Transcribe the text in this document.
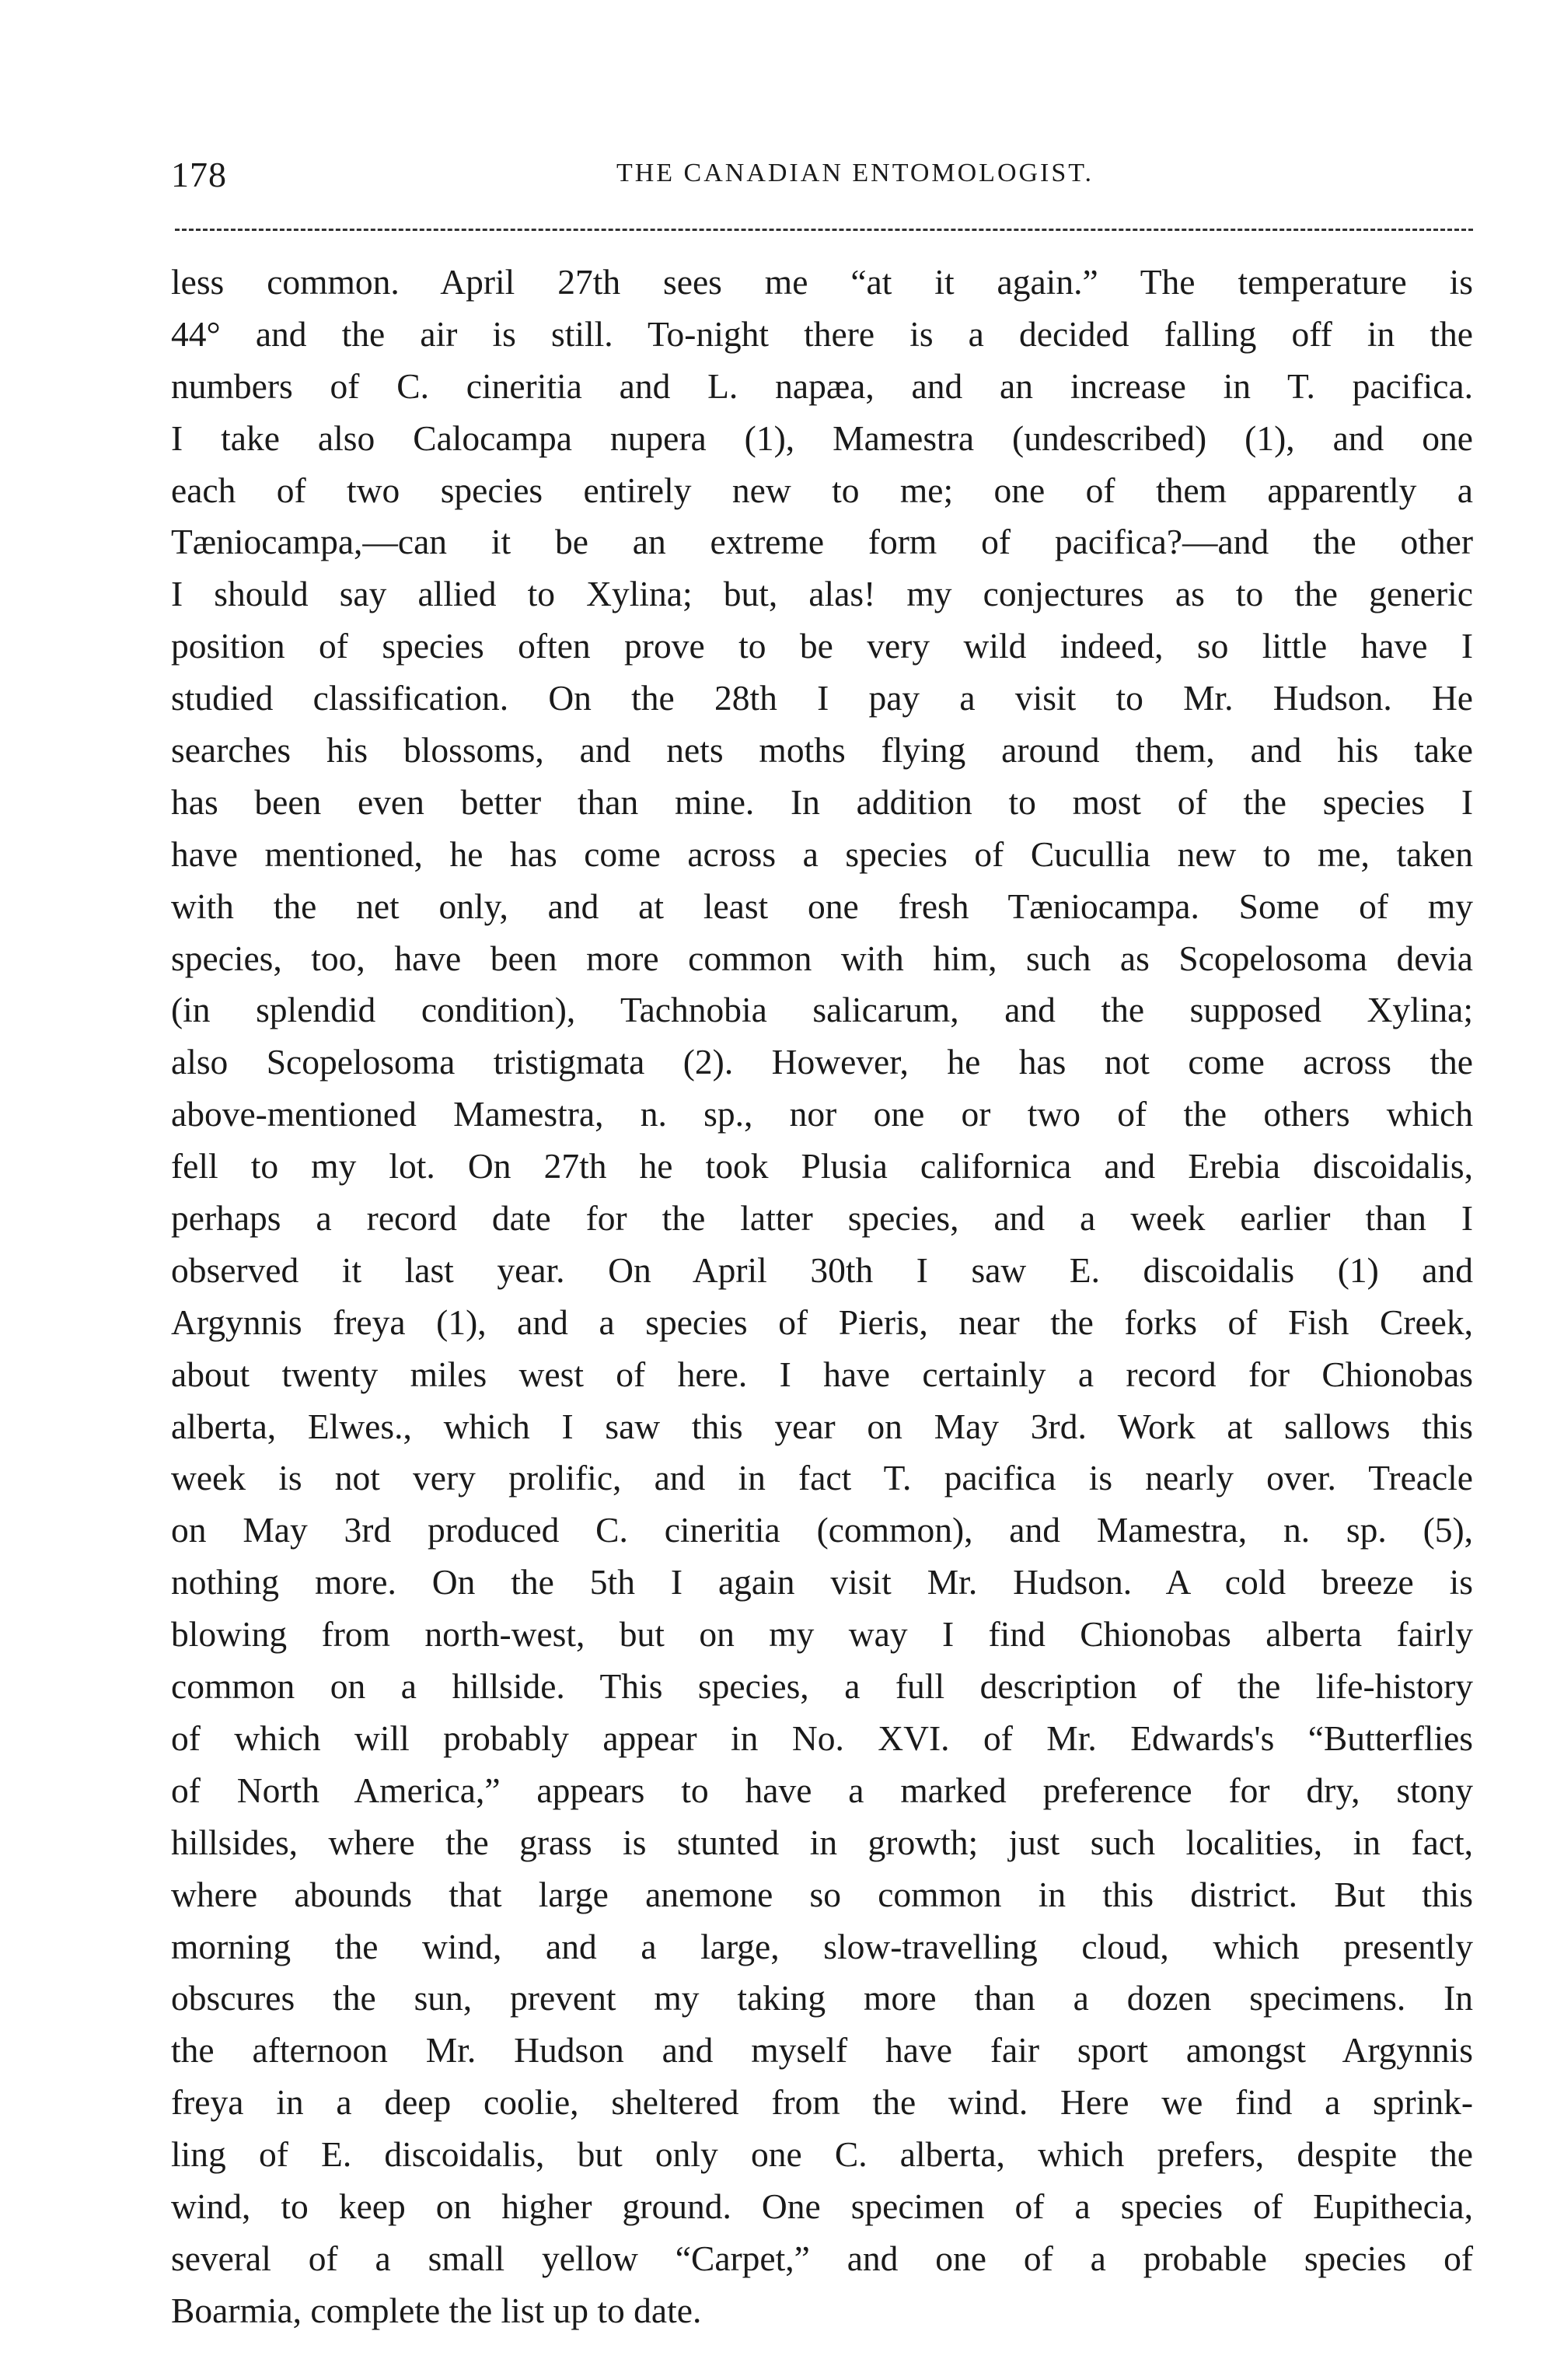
178	THE CANADIAN ENTOMOLOGIST.
less common. April 27th sees me “at it again.” The temperature is
44° and the air is still. To-night there is a decided falling off in the
numbers of C. cineritia and L. napæa, and an increase in T. pacifica.
I take also Calocampa nupera (1), Mamestra (undescribed) (1), and one
each of two species entirely new to me; one of them apparently a
Tæniocampa,—can it be an extreme form of pacifica?—and the other
I should say allied to Xylina; but, alas! my conjectures as to the generic
position of species often prove to be very wild indeed, so little have I
studied classification. On the 28th I pay a visit to Mr. Hudson. He
searches his blossoms, and nets moths flying around them, and his take
has been even better than mine. In addition to most of the species I
have mentioned, he has come across a species of Cucullia new to me, taken
with the net only, and at least one fresh Tæniocampa. Some of my
species, too, have been more common with him, such as Scopelosoma devia
(in splendid condition), Tachnobia salicarum, and the supposed Xylina;
also Scopelosoma tristigmata (2). However, he has not come across the
above-mentioned Mamestra, n. sp., nor one or two of the others which
fell to my lot. On 27th he took Plusia californica and Erebia discoidalis,
perhaps a record date for the latter species, and a week earlier than I
observed it last year. On April 30th I saw E. discoidalis (1) and
Argynnis freya (1), and a species of Pieris, near the forks of Fish Creek,
about twenty miles west of here. I have certainly a record for Chionobas
alberta, Elwes., which I saw this year on May 3rd. Work at sallows this
week is not very prolific, and in fact T. pacifica is nearly over. Treacle
on May 3rd produced C. cineritia (common), and Mamestra, n. sp. (5),
nothing more. On the 5th I again visit Mr. Hudson. A cold breeze is
blowing from north-west, but on my way I find Chionobas alberta fairly
common on a hillside. This species, a full description of the life-history
of which will probably appear in No. XVI. of Mr. Edwards's “Butterflies
of North America,” appears to have a marked preference for dry, stony
hillsides, where the grass is stunted in growth; just such localities, in fact,
where abounds that large anemone so common in this district. But this
morning the wind, and a large, slow-travelling cloud, which presently
obscures the sun, prevent my taking more than a dozen specimens. In
the afternoon Mr. Hudson and myself have fair sport amongst Argynnis
freya in a deep coolie, sheltered from the wind. Here we find a sprink-
ling of E. discoidalis, but only one C. alberta, which prefers, despite the
wind, to keep on higher ground. One specimen of a species of Eupithecia,
several of a small yellow “Carpet,” and one of a probable species of
Boarmia, complete the list up to date.
